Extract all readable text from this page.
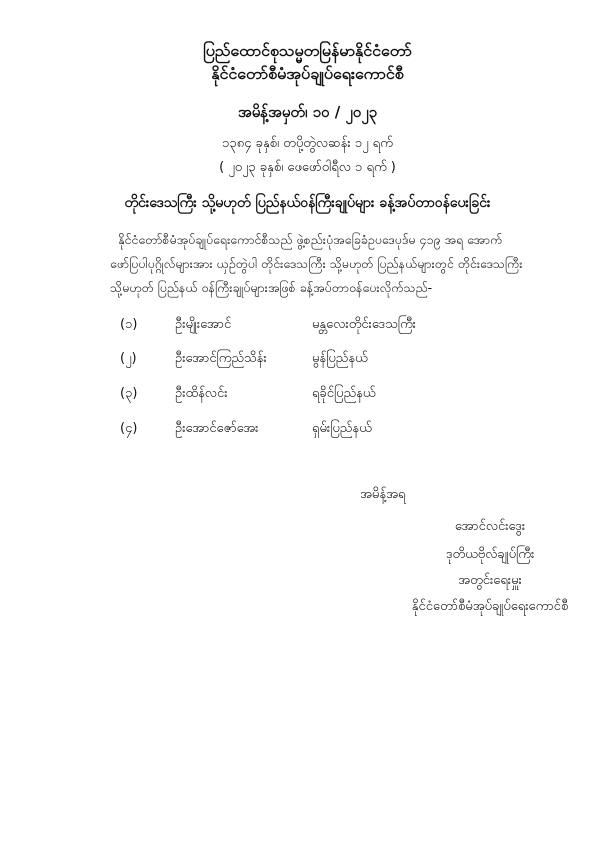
ပြည်ထောင်စုသမ္မတမြန်မာနိုင်ငံတော်
နိုင်ငံတော်စီမံအုပ်ချုပ်ရေးကောင်စီ
အမိန့်အမှတ်၊ ၁၀ / ၂၀၂၃
၁၃၈၄ ခုနှစ်၊ တပို့တွဲလဆန်း ၁၂ ရက်
( ၂၀၂၃ ခုနှစ်၊ ဖေဖော်ဝါရီလ ၁ ရက် )
တိုင်းဒေသကြီး သို့မဟုတ် ပြည်နယ်ဝန်ကြီးချုပ်များ ခန့်အပ်တာဝန်ပေးခြင်း
နိုင်ငံတော်စီမံအုပ်ချုပ်ရေးကောင်စီသည် ဖွဲ့စည်းပုံအခြေခံဥပဒေပုဒ်မ ၄၁၉ အရ အောက်
ဖော်ပြပါပုဂ္ဂိုလ်များအား ယှဉ်တွဲပါ တိုင်းဒေသကြီး သို့မဟုတ် ပြည်နယ်များတွင် တိုင်းဒေသကြီး
သို့မဟုတ် ပြည်နယ် ဝန်ကြီးချုပ်များအဖြစ် ခန့်အပ်တာဝန်ပေးလိုက်သည်-
(၁)	ဦးမျိုးအောင်	မန္တလေးတိုင်းဒေသကြီး
(၂)	ဦးအောင်ကြည်သိန်း	မွန်ပြည်နယ်
(၃)	ဦးထိန်လင်း	ရခိုင်ပြည်နယ်
(၄)	ဦးအောင်ဇော်အေး	ရှမ်းပြည်နယ်
အမိန့်အရ
အောင်လင်းဒွေး
ဒုတိယဗိုလ်ချုပ်ကြီး
အတွင်းရေးမှူး
နိုင်ငံတော်စီမံအုပ်ချုပ်ရေးကောင်စီ
